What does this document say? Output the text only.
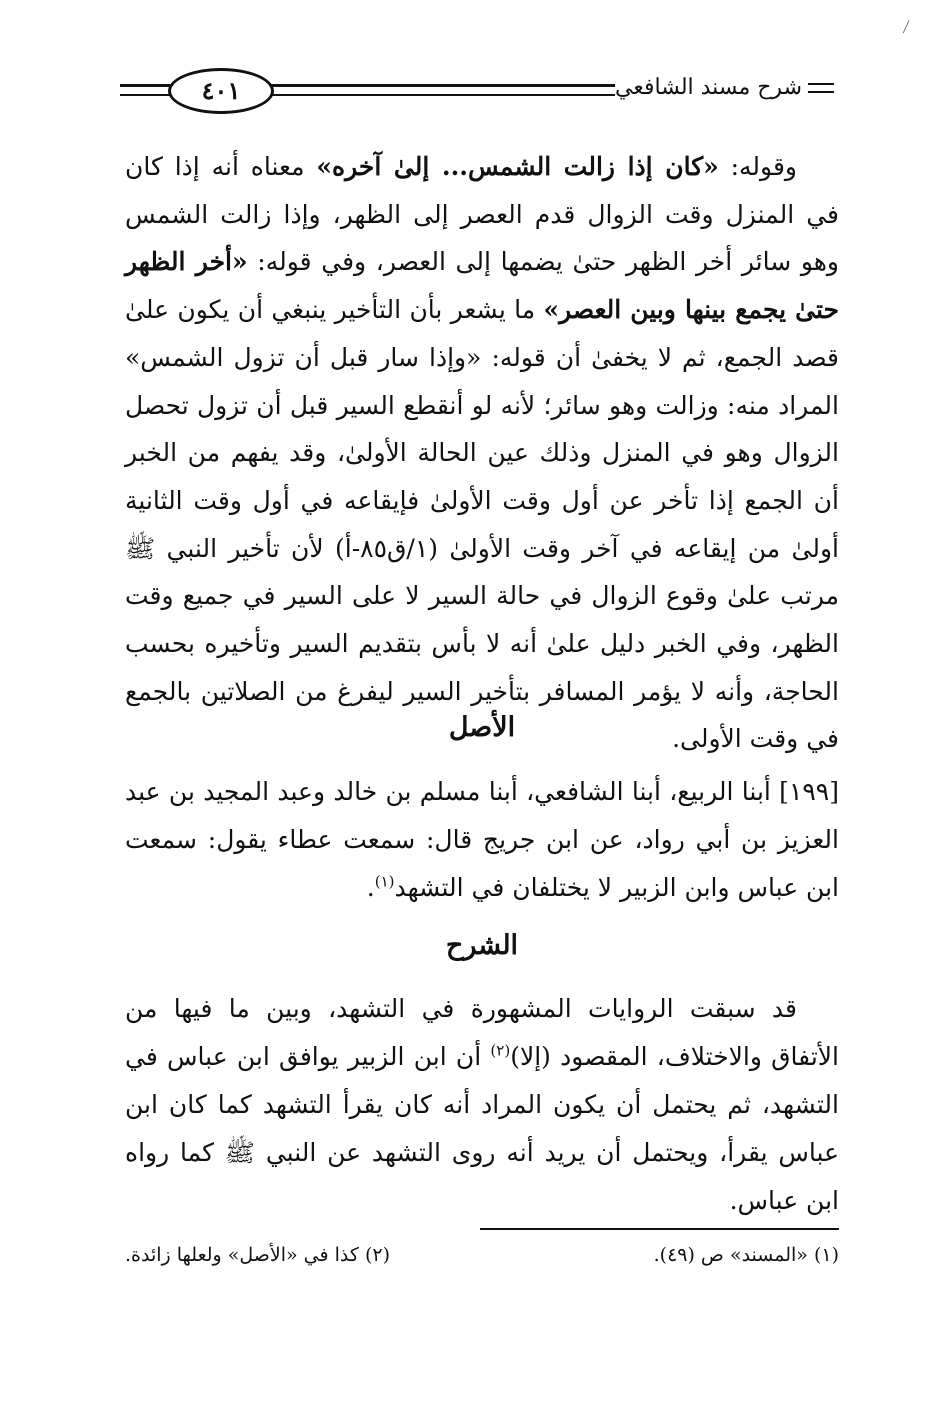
شرح مسند الشافعي
٤٠١
وقوله: «كان إذا زالت الشمس... إلىٰ آخره» معناه أنه إذا كان في المنزل وقت الزوال قدم العصر إلى الظهر، وإذا زالت الشمس وهو سائر أخر الظهر حتىٰ يضمها إلى العصر، وفي قوله: «أخر الظهر حتىٰ يجمع بينها وبين العصر» ما يشعر بأن التأخير ينبغي أن يكون علىٰ قصد الجمع، ثم لا يخفىٰ أن قوله: «وإذا سار قبل أن تزول الشمس» المراد منه: وزالت وهو سائر؛ لأنه لو أنقطع السير قبل أن تزول تحصل الزوال وهو في المنزل وذلك عين الحالة الأولىٰ، وقد يفهم من الخبر أن الجمع إذا تأخر عن أول وقت الأولىٰ فإيقاعه في أول وقت الثانية أولىٰ من إيقاعه في آخر وقت الأولىٰ (١/ق٨٥-أ) لأن تأخير النبي ﷺ مرتب علىٰ وقوع الزوال في حالة السير لا على السير في جميع وقت الظهر، وفي الخبر دليل علىٰ أنه لا بأس بتقديم السير وتأخيره بحسب الحاجة، وأنه لا يؤمر المسافر بتأخير السير ليفرغ من الصلاتين بالجمع في وقت الأولى.
الأصل
[١٩٩] أبنا الربيع، أبنا الشافعي، أبنا مسلم بن خالد وعبد المجيد بن عبد العزيز بن أبي رواد، عن ابن جريج قال: سمعت عطاء يقول: سمعت ابن عباس وابن الزبير لا يختلفان في التشهد$^{(١)}$.
الشرح
قد سبقت الروايات المشهورة في التشهد، وبين ما فيها من الأتفاق والاختلاف، المقصود (إلا)$^{(٢)}$ أن ابن الزبير يوافق ابن عباس في التشهد، ثم يحتمل أن يكون المراد أنه كان يقرأ التشهد كما كان ابن عباس يقرأ، ويحتمل أن يريد أنه روى التشهد عن النبي ﷺ كما رواه ابن عباس.
(١) «المسند» ص (٤٩).
(٢) كذا في «الأصل» ولعلها زائدة.
